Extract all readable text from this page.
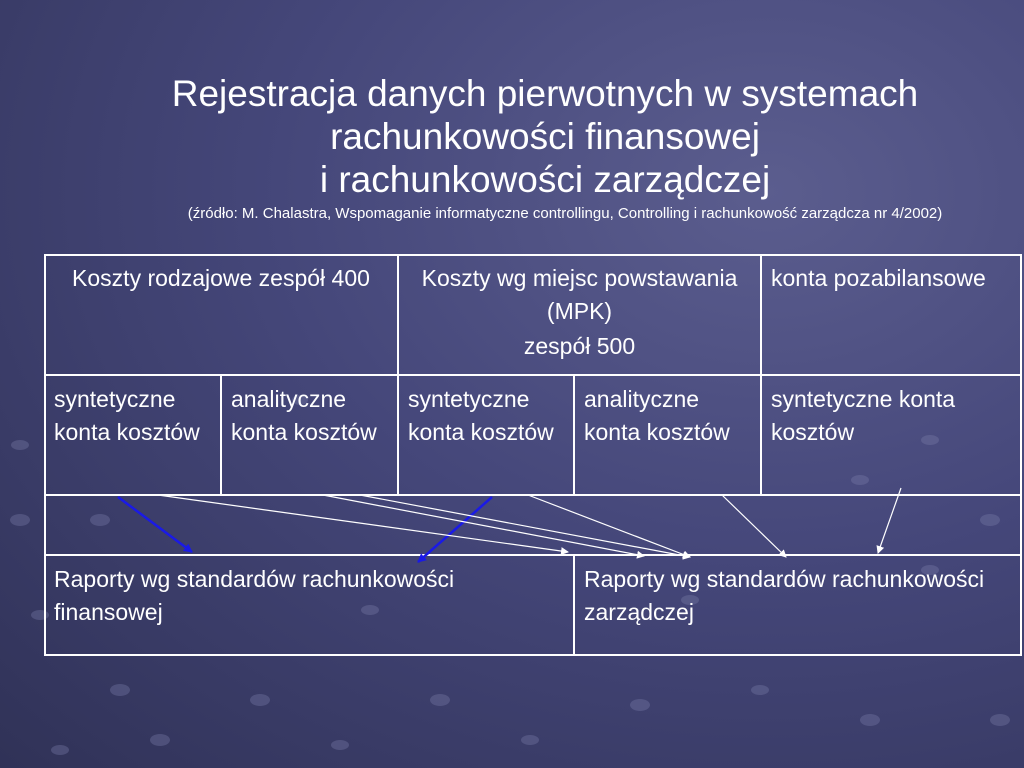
Rejestracja danych pierwotnych w systemach
rachunkowości finansowej
i rachunkowości zarządczej
(źródło: M. Chalastra, Wspomaganie informatyczne controllingu, Controlling i rachunkowość zarządcza nr 4/2002)
Koszty rodzajowe zespół 400	Koszty wg miejsc powstawania (MPK)
zespół 500
konta pozabilansowe
syntetyczne konta kosztów
analityczne konta kosztów
syntetyczne konta kosztów
analityczne konta kosztów
syntetyczne konta kosztów
Raporty wg standardów rachunkowości finansowej
Raporty wg standardów rachunkowości zarządczej
